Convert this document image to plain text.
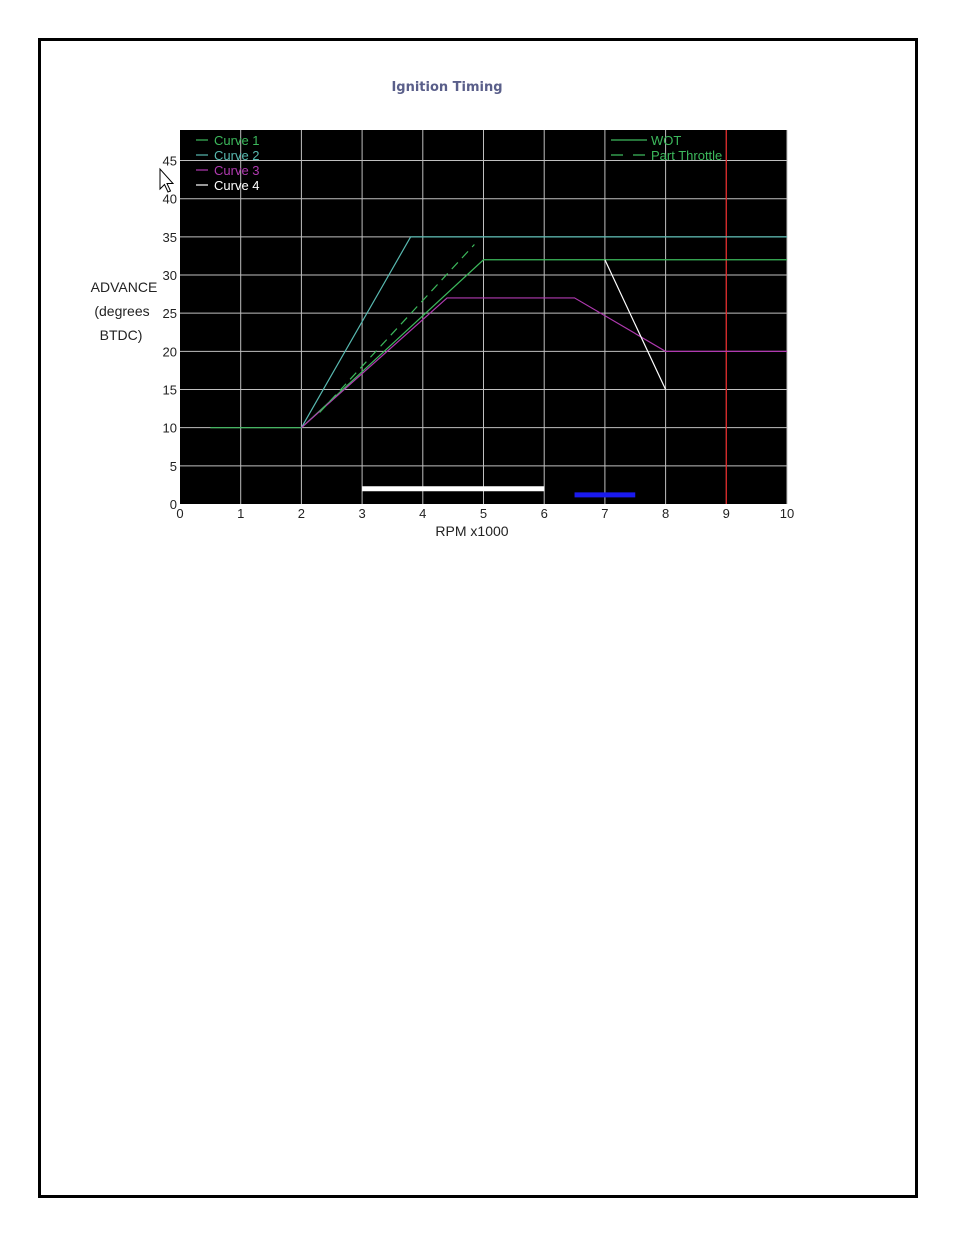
Ignition Timing
ADVANCE
(degrees
BTDC)
RPM x1000
0	1	2	3	4	5	6	7	8	9	10
0
5
10
15
20
25
30
35
40
45
Curve 1
Curve 2
Curve 3
Curve 4
WOT
Part Throttle
